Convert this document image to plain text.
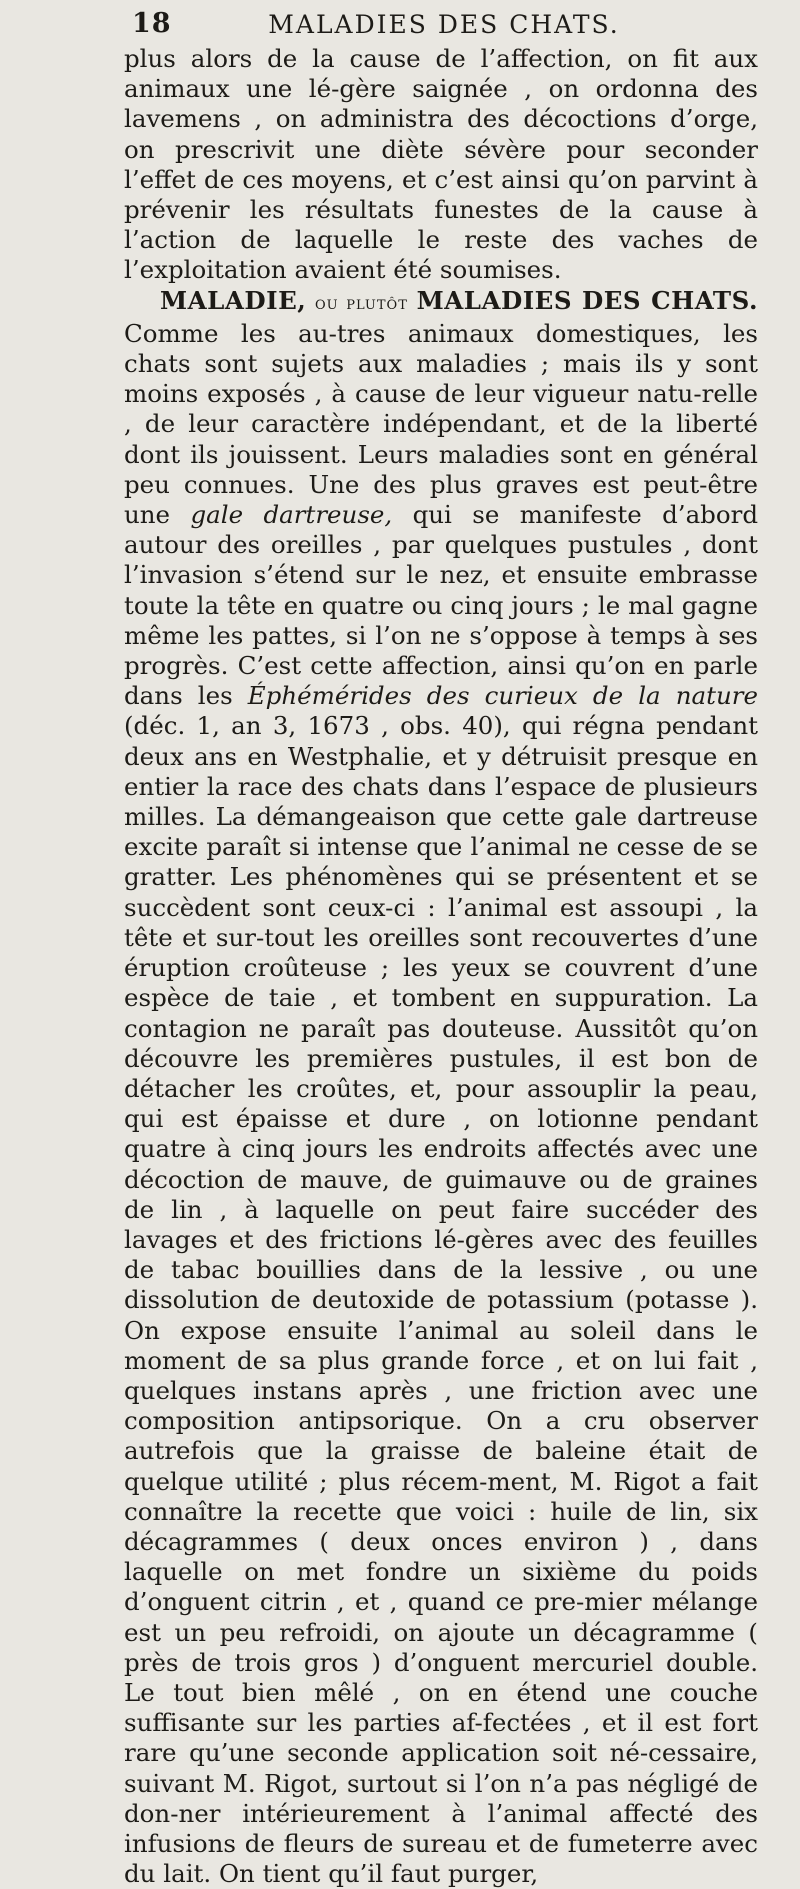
18	MALADIES DES CHATS.

plus alors de la cause de l’affection, on fit aux animaux une lé-gère saignée , on ordonna des lavemens , on administra des décoctions d’orge, on prescrivit une diète sévère pour seconder l’effet de ces moyens, et c’est ainsi qu’on parvint à prévenir les résultats funestes de la cause à l’action de laquelle le reste des vaches de l’exploitation avaient été soumises.

MALADIE, ou plutôt MALADIES DES CHATS. Comme les au-tres animaux domestiques, les chats sont sujets aux maladies ; mais ils y sont moins exposés , à cause de leur vigueur natu-relle , de leur caractère indépendant, et de la liberté dont ils jouissent. Leurs maladies sont en général peu connues. Une des plus graves est peut-être une gale dartreuse, qui se manifeste d’abord autour des oreilles , par quelques pustules , dont l’invasion s’étend sur le nez, et ensuite embrasse toute la tête en quatre ou cinq jours ; le mal gagne même les pattes, si l’on ne s’oppose à temps à ses progrès. C’est cette affection, ainsi qu’on en parle dans les Éphémérides des curieux de la nature (déc. 1, an 3, 1673 , obs. 40), qui régna pendant deux ans en Westphalie, et y détruisit presque en entier la race des chats dans l’espace de plusieurs milles. La démangeaison que cette gale dartreuse excite paraît si intense que l’animal ne cesse de se gratter. Les phénomènes qui se présentent et se succèdent sont ceux-ci : l’animal est assoupi , la tête et sur-tout les oreilles sont recouvertes d’une éruption croûteuse ; les yeux se couvrent d’une espèce de taie , et tombent en suppuration. La contagion ne paraît pas douteuse. Aussitôt qu’on découvre les premières pustules, il est bon de détacher les croûtes, et, pour assouplir la peau, qui est épaisse et dure , on lotionne pendant quatre à cinq jours les endroits affectés avec une décoction de mauve, de guimauve ou de graines de lin , à laquelle on peut faire succéder des lavages et des frictions lé-gères avec des feuilles de tabac bouillies dans de la lessive , ou une dissolution de deutoxide de potassium (potasse ). On expose ensuite l’animal au soleil dans le moment de sa plus grande force , et on lui fait , quelques instans après , une friction avec une composition antipsorique. On a cru observer autrefois que la graisse de baleine était de quelque utilité ; plus récem-ment, M. Rigot a fait connaître la recette que voici : huile de lin, six décagrammes ( deux onces environ ) , dans laquelle on met fondre un sixième du poids d’onguent citrin , et , quand ce pre-mier mélange est un peu refroidi, on ajoute un décagramme ( près de trois gros ) d’onguent mercuriel double. Le tout bien mêlé , on en étend une couche suffisante sur les parties af-fectées , et il est fort rare qu’une seconde application soit né-cessaire, suivant M. Rigot, surtout si l’on n’a pas négligé de don-ner intérieurement à l’animal affecté des infusions de fleurs de sureau et de fumeterre avec du lait. On tient qu’il faut purger,
